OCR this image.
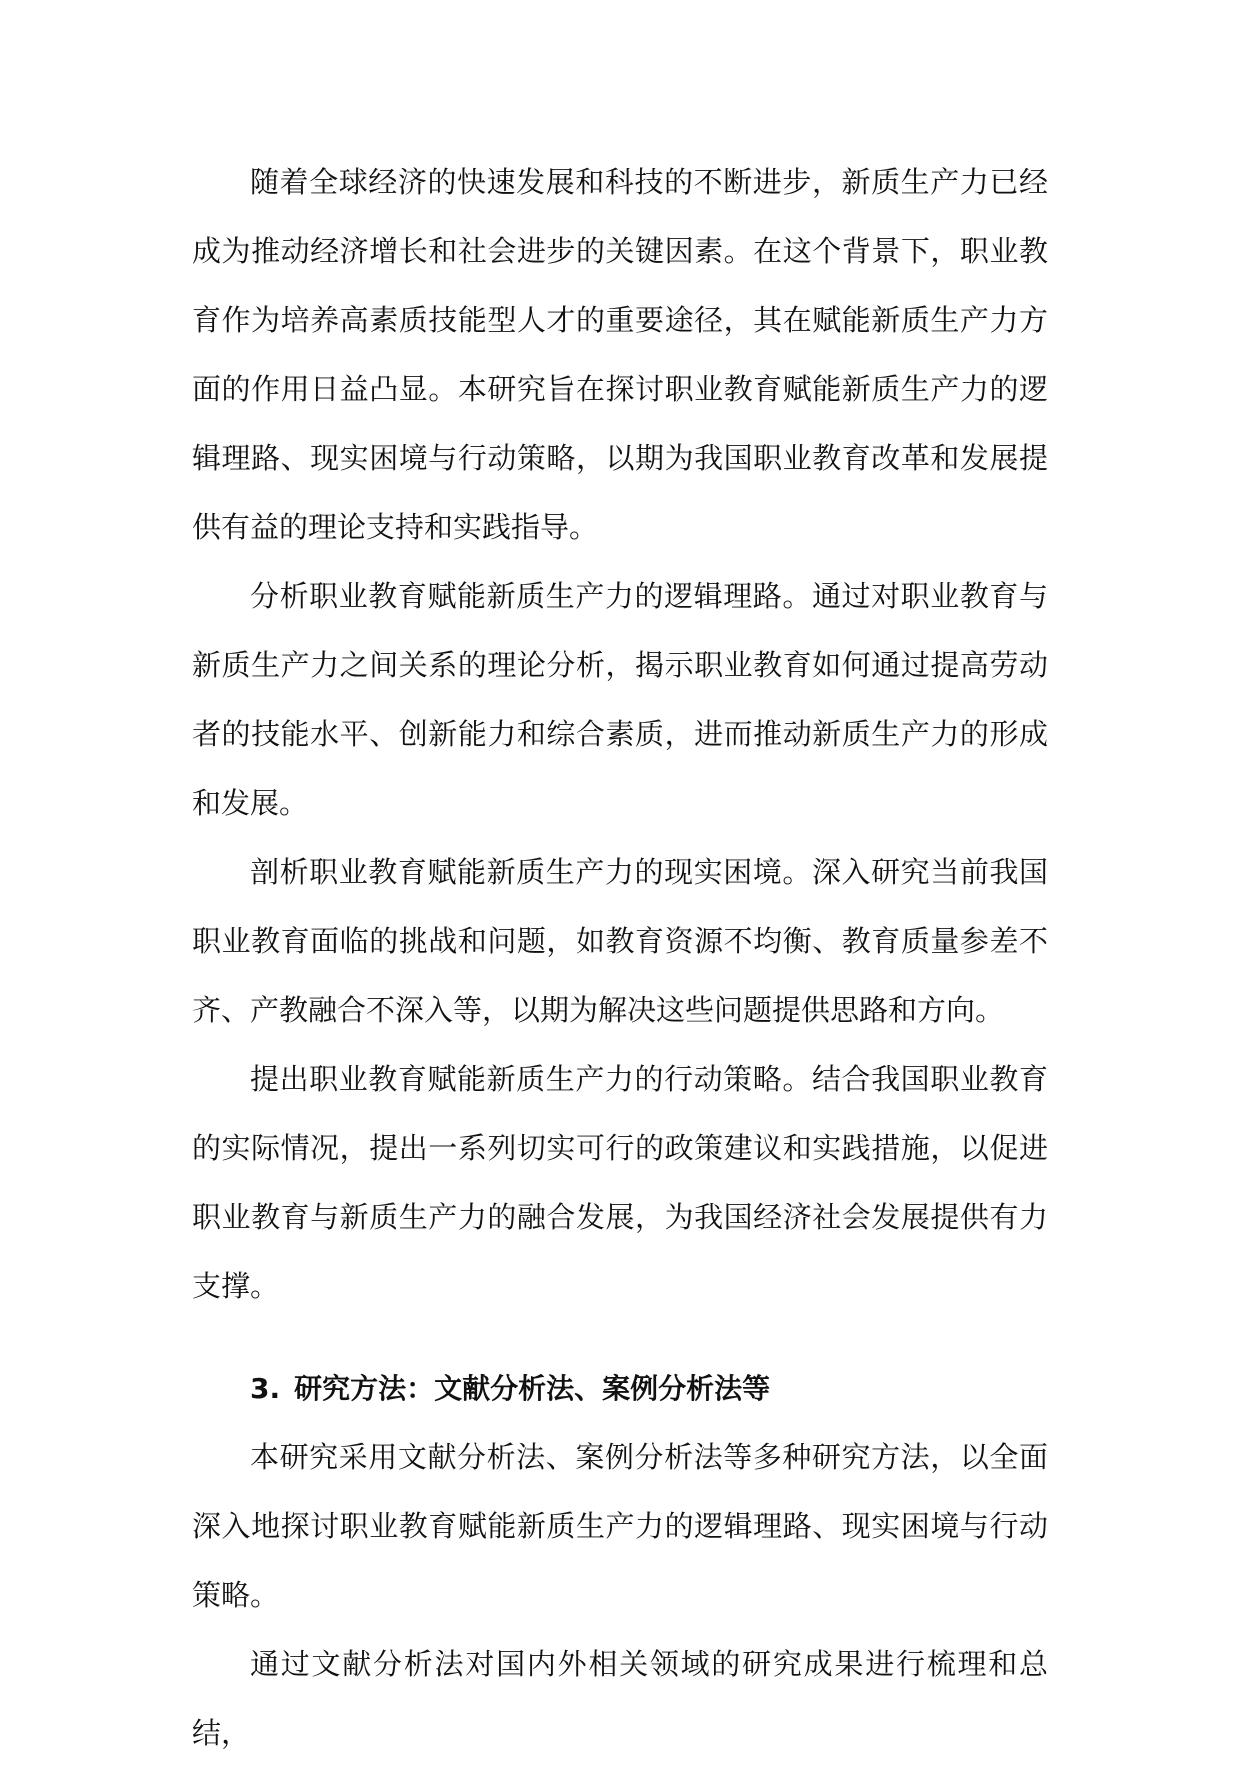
随着全球经济的快速发展和科技的不断进步，新质生产力已经成为推动经济增长和社会进步的关键因素。在这个背景下，职业教育作为培养高素质技能型人才的重要途径，其在赋能新质生产力方面的作用日益凸显。本研究旨在探讨职业教育赋能新质生产力的逻辑理路、现实困境与行动策略，以期为我国职业教育改革和发展提供有益的理论支持和实践指导。

分析职业教育赋能新质生产力的逻辑理路。通过对职业教育与新质生产力之间关系的理论分析，揭示职业教育如何通过提高劳动者的技能水平、创新能力和综合素质，进而推动新质生产力的形成和发展。

剖析职业教育赋能新质生产力的现实困境。深入研究当前我国职业教育面临的挑战和问题，如教育资源不均衡、教育质量参差不齐、产教融合不深入等，以期为解决这些问题提供思路和方向。

提出职业教育赋能新质生产力的行动策略。结合我国职业教育的实际情况，提出一系列切实可行的政策建议和实践措施，以促进职业教育与新质生产力的融合发展，为我国经济社会发展提供有力支撑。

3. 研究方法：文献分析法、案例分析法等

本研究采用文献分析法、案例分析法等多种研究方法，以全面深入地探讨职业教育赋能新质生产力的逻辑理路、现实困境与行动策略。

通过文献分析法对国内外相关领域的研究成果进行梳理和总结，
